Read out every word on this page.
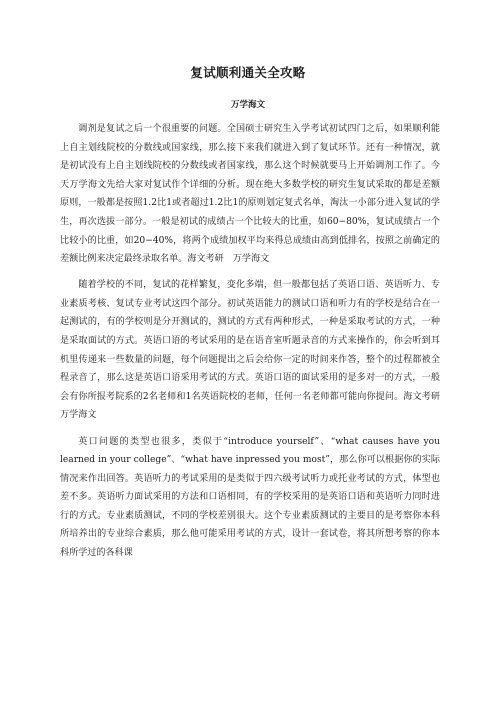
复试顺利通关全攻略
万学海文

调剂是复试之后一个很重要的问题。全国硕士研究生入学考试初试四门之后，如果顺利能上自主划线院校的分数线或国家线，那么接下来我们就进入到了复试环节。还有一种情况，就是初试没有上自主划线院校的分数线或者国家线，那么这个时候就要马上开始调剂工作了。今天万学海文先给大家对复试作个详细的分析。现在绝大多数学校的研究生复试采取的都是差额原则，一般都是按照1.2比1或者超过1.2比1的原则划定复式名单，淘汰一小部分进入复试的学生，再次选拔一部分。一般是初试的成绩占一个比较大的比重，如60−80%，复试成绩占一个比较小的比重，如20−40%，将两个成绩加权平均来得总成绩由高到低排名，按照之前确定的差额比例来决定最终录取名单。海文考研　万学海文

随着学校的不同，复试的花样繁复，变化多端，但一般都包括了英语口语、英语听力、专业素质考核、复试专业考试这四个部分。初试英语能力的测试口语和听力有的学校是结合在一起测试的，有的学校则是分开测试的，测试的方式有两种形式，一种是采取考试的方式，一种是采取面试的方式。英语口语的考试采用的是在语音室听题录音的方式来操作的，你会听到耳机里传递来一些数量的问题，每个问题提出之后会给你一定的时间来作答，整个的过程都被全程录音了，那么这是英语口语采用考试的方式。英语口语的面试采用的是多对一的方式，一般会有你所报考院系的2名老师和1名英语院校的老师，任何一名老师都可能向你提问。海文考研　万学海文

英口问题的类型也很多，类似于“introduce yourself”、“what causes have you learned in your college”、“what have inpressed you most”，那么你可以根据你的实际情况来作出回答。英语听力的考试采用的是类似于四六级考试听力或托业考试的方式，体型也差不多。英语听力面试采用的方法和口语相同，有的学校采用的是英语口语和英语听力同时进行的方式。专业素质测试，不同的学校差别很大。这个专业素质测试的主要目的是考察你本科所培养出的专业综合素质，那么他可能采用考试的方式，设计一套试卷，将其所想考察的你本科所学过的各科课
